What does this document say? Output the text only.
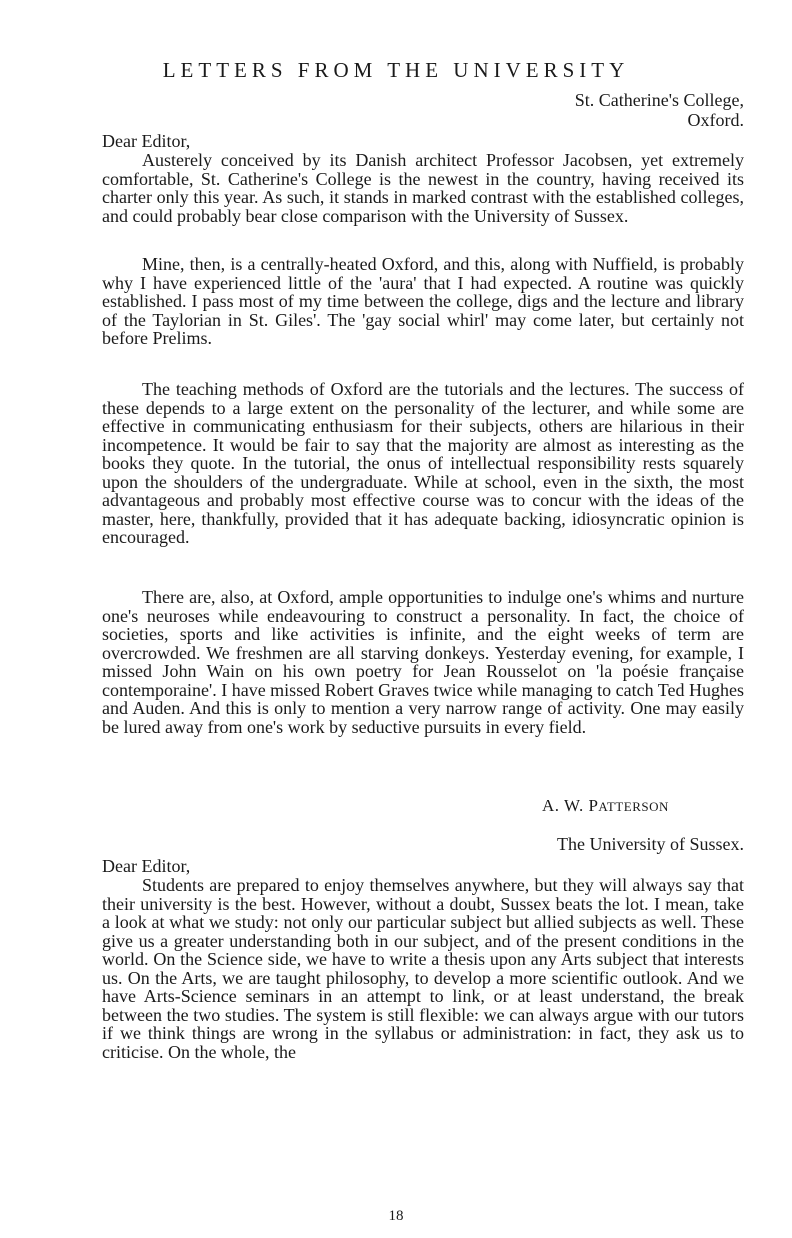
LETTERS FROM THE UNIVERSITY
St. Catherine's College,
Oxford.
Dear Editor,

Austerely conceived by its Danish architect Professor Jacobsen, yet extremely comfortable, St. Catherine's College is the newest in the country, having received its charter only this year. As such, it stands in marked contrast with the established colleges, and could probably bear close comparison with the University of Sussex.

Mine, then, is a centrally-heated Oxford, and this, along with Nuffield, is probably why I have experienced little of the 'aura' that I had expected. A routine was quickly established. I pass most of my time between the college, digs and the lecture and library of the Taylorian in St. Giles'. The 'gay social whirl' may come later, but certainly not before Prelims.

The teaching methods of Oxford are the tutorials and the lectures. The success of these depends to a large extent on the personality of the lecturer, and while some are effective in communicating enthusiasm for their subjects, others are hilarious in their incompetence. It would be fair to say that the majority are almost as interesting as the books they quote. In the tutorial, the onus of intellectual responsibility rests squarely upon the shoulders of the undergraduate. While at school, even in the sixth, the most advantageous and probably most effective course was to concur with the ideas of the master, here, thankfully, provided that it has adequate backing, idiosyncratic opinion is encouraged.

There are, also, at Oxford, ample opportunities to indulge one's whims and nurture one's neuroses while endeavouring to construct a personality. In fact, the choice of societies, sports and like activities is infinite, and the eight weeks of term are overcrowded. We freshmen are all starving donkeys. Yesterday evening, for example, I missed John Wain on his own poetry for Jean Rousselot on 'la poésie française contemporaine'. I have missed Robert Graves twice while managing to catch Ted Hughes and Auden. And this is only to mention a very narrow range of activity. One may easily be lured away from one's work by seductive pursuits in every field.

A. W. PATTERSON
The University of Sussex.
Dear Editor,

Students are prepared to enjoy themselves anywhere, but they will always say that their university is the best. However, without a doubt, Sussex beats the lot. I mean, take a look at what we study: not only our particular subject but allied subjects as well. These give us a greater understanding both in our subject, and of the present conditions in the world. On the Science side, we have to write a thesis upon any Arts subject that interests us. On the Arts, we are taught philosophy, to develop a more scientific outlook. And we have Arts-Science seminars in an attempt to link, or at least understand, the break between the two studies. The system is still flexible: we can always argue with our tutors if we think things are wrong in the syllabus or administration: in fact, they ask us to criticise. On the whole, the

18
